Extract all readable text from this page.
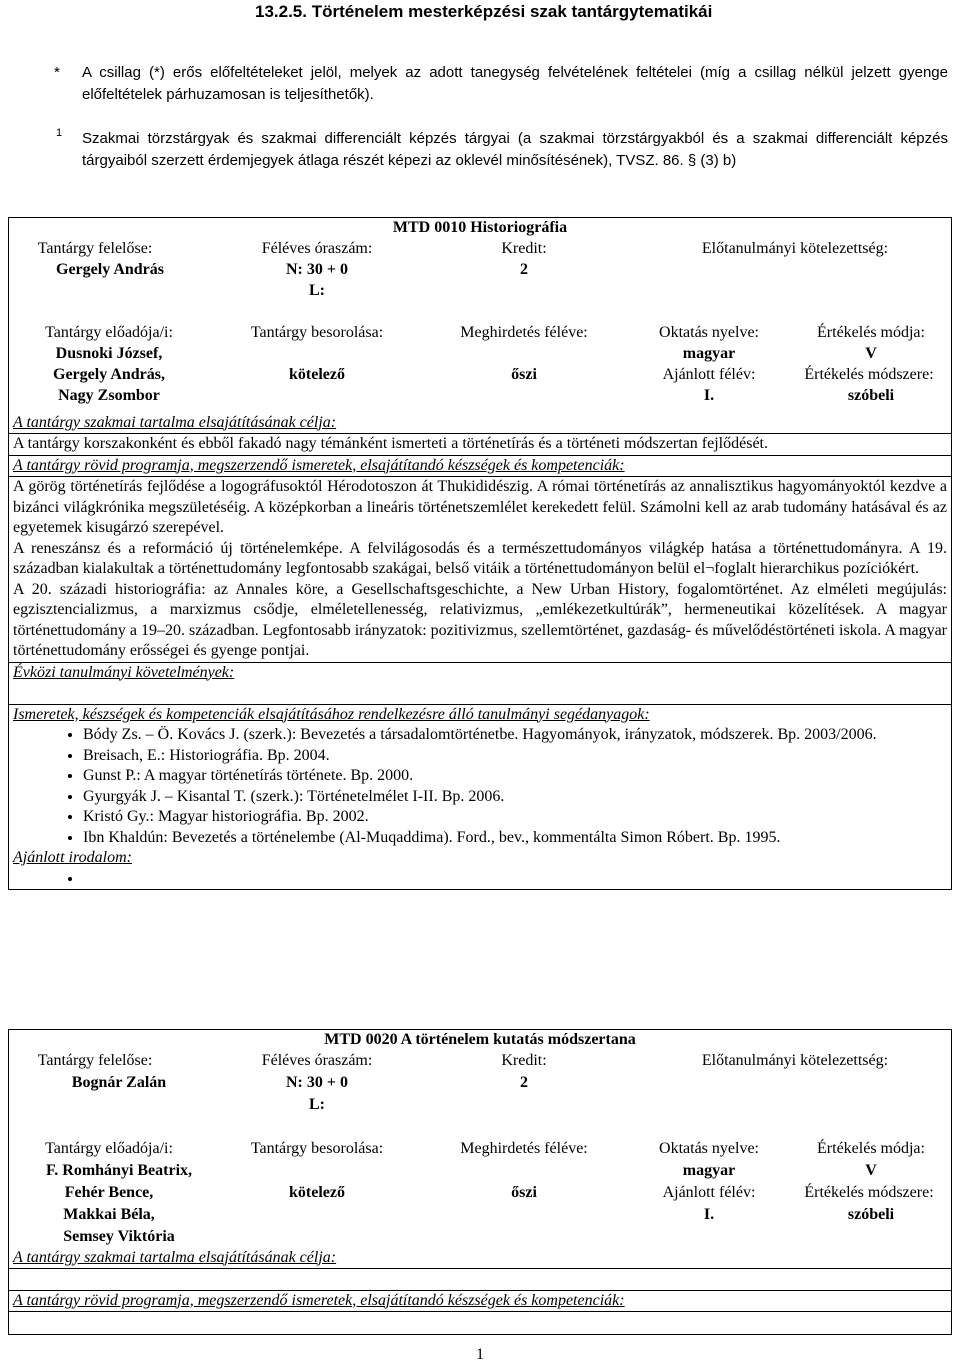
13.2.5. Történelem mesterképzési szak tantárgytematikái
* A csillag (*) erős előfeltételeket jelöl, melyek az adott tanegység felvételének feltételei (míg a csillag nélkül jelzett gyenge előfeltételek párhuzamosan is teljesíthetők).
1 Szakmai törzstárgyak és szakmai differenciált képzés tárgyai (a szakmai törzstárgyakból és a szakmai differenciált képzés tárgyaiból szerzett érdemjegyek átlaga részét képezi az oklevél minősítésének), TVSZ. 86. § (3) b)
MTD 0010 Historiográfia
Tantárgy felelőse:
Gergely András
Féléves óraszám:
N: 30 + 0
L:
Kredit:
2
Előtanulmányi kötelezettség:
Tantárgy előadója/i:
Dusnoki József,
Gergely András,
Nagy Zsombor
Tantárgy besorolása:
kötelező
Meghirdetés féléve:
őszi
Oktatás nyelve:
magyar
Ajánlott félév:
I.
Értékelés módja:
V
Értékelés módszere:
szóbeli
A tantárgy szakmai tartalma elsajátításának célja:
A tantárgy korszakonként és ebből fakadó nagy témánként ismerteti a történetírás és a történeti módszertan fejlődését.
A tantárgy rövid programja, megszerzendő ismeretek, elsajátítandó készségek és kompetenciák:

A görög történetírás fejlődése a logográfusoktól Hérodotoszon át Thukididészig. A római történetírás az annalisztikus hagyományoktól kezdve a bizánci világkrónika megszületéséig. A középkorban a lineáris történetszemlélet kerekedett felül. Számolni kell az arab tudomány hatásával és az egyetemek kisugárzó szerepével.

A reneszánsz és a reformáció új történelemképe. A felvilágosodás és a természettudományos világkép hatása a történettudományra. A 19. században kialakultak a történettudomány legfontosabb szakágai, belső vitáik a történettudományon belül el¬foglalt hierarchikus pozíciókért.

A 20. századi historiográfia: az Annales köre, a Gesellschaftsgeschichte, a New Urban History, fogalomtörténet. Az elméleti megújulás: egzisztencializmus, a marxizmus csődje, elméletellenesség, relativizmus, „emlékezetkultúrák”, hermeneutikai közelítések. A magyar történettudomány a 19–20. században. Legfontosabb irányzatok: pozitivizmus, szellemtörténet, gazdaság- és művelődéstörténeti iskola. A magyar történettudomány erősségei és gyenge pontjai.

Évközi tanulmányi követelmények:
Ismeretek, készségek és kompetenciák elsajátításához rendelkezésre álló tanulmányi segédanyagok:
• Bódy Zs. – Ö. Kovács J. (szerk.): Bevezetés a társadalomtörténetbe. Hagyományok, irányzatok, módszerek. Bp. 2003/2006.
• Breisach, E.: Historiográfia. Bp. 2004.
• Gunst P.: A magyar történetírás története. Bp. 2000.
• Gyurgyák J. – Kisantal T. (szerk.): Történetelmélet I-II. Bp. 2006.
• Kristó Gy.: Magyar historiográfia. Bp. 2002.
• Ibn Khaldún: Bevezetés a történelembe (Al-Muqaddima). Ford., bev., kommentálta Simon Róbert. Bp. 1995.
Ajánlott irodalom:
•
MTD 0020 A történelem kutatás módszertana
Tantárgy felelőse:
Bognár Zalán
Féléves óraszám:
N: 30 + 0
L:
Kredit:
2
Előtanulmányi kötelezettség:
Tantárgy előadója/i:
F. Romhányi Beatrix,
Fehér Bence,
Makkai Béla,
Semsey Viktória
Tantárgy besorolása:
kötelező
Meghirdetés féléve:
őszi
Oktatás nyelve:
magyar
Ajánlott félév:
I.
Értékelés módja:
V
Értékelés módszere:
szóbeli
A tantárgy szakmai tartalma elsajátításának célja:
A tantárgy rövid programja, megszerzendő ismeretek, elsajátítandó készségek és kompetenciák:
1
